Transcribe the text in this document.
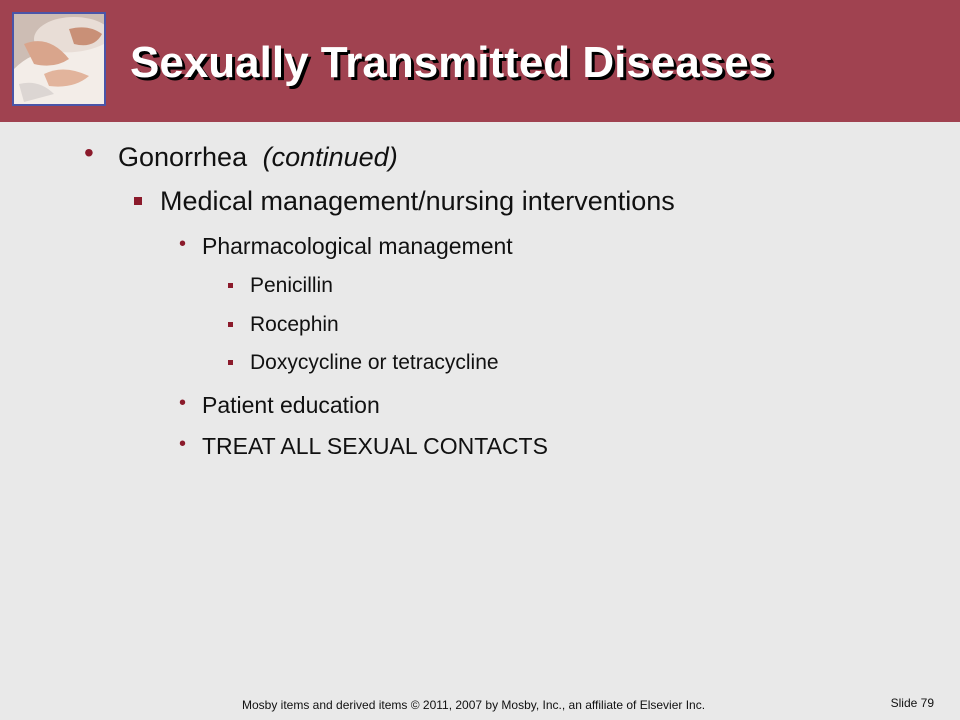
Sexually Transmitted Diseases
• Gonorrhea (continued)
Medical management/nursing interventions
• Pharmacological management
Penicillin
Rocephin
Doxycycline or tetracycline
• Patient education
• TREAT ALL SEXUAL CONTACTS
Mosby items and derived items © 2011, 2007 by Mosby, Inc., an affiliate of Elsevier Inc.	Slide 79
